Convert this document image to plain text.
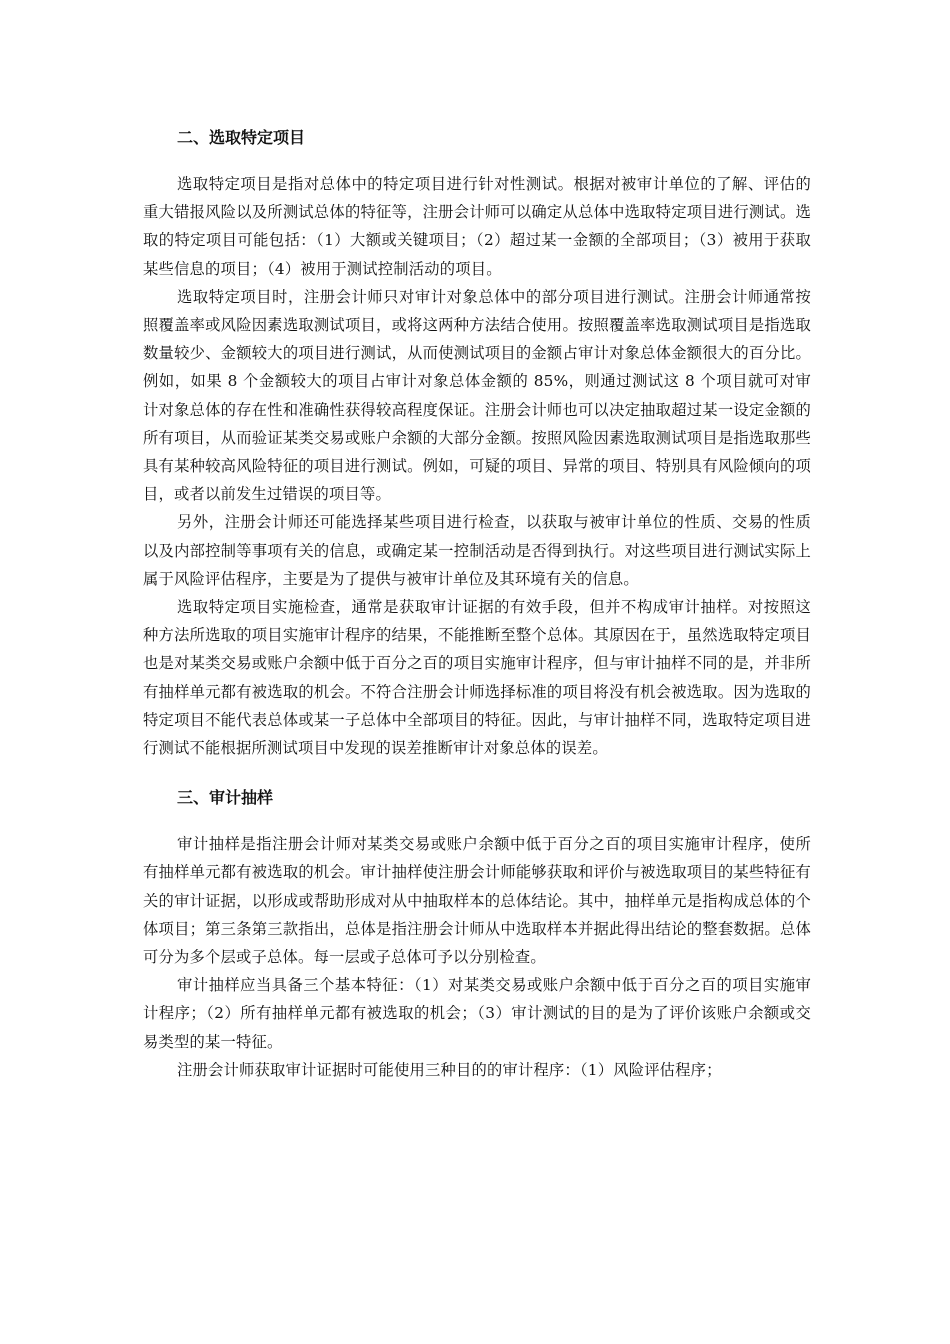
二、选取特定项目

选取特定项目是指对总体中的特定项目进行针对性测试。根据对被审计单位的了解、评估的重大错报风险以及所测试总体的特征等，注册会计师可以确定从总体中选取特定项目进行测试。选取的特定项目可能包括：（1）大额或关键项目；（2）超过某一金额的全部项目；（3）被用于获取某些信息的项目；（4）被用于测试控制活动的项目。

选取特定项目时，注册会计师只对审计对象总体中的部分项目进行测试。注册会计师通常按照覆盖率或风险因素选取测试项目，或将这两种方法结合使用。按照覆盖率选取测试项目是指选取数量较少、金额较大的项目进行测试，从而使测试项目的金额占审计对象总体金额很大的百分比。例如，如果 8 个金额较大的项目占审计对象总体金额的 85%，则通过测试这 8 个项目就可对审计对象总体的存在性和准确性获得较高程度保证。注册会计师也可以决定抽取超过某一设定金额的所有项目，从而验证某类交易或账户余额的大部分金额。按照风险因素选取测试项目是指选取那些具有某种较高风险特征的项目进行测试。例如，可疑的项目、异常的项目、特别具有风险倾向的项目，或者以前发生过错误的项目等。

另外，注册会计师还可能选择某些项目进行检查，以获取与被审计单位的性质、交易的性质以及内部控制等事项有关的信息，或确定某一控制活动是否得到执行。对这些项目进行测试实际上属于风险评估程序，主要是为了提供与被审计单位及其环境有关的信息。

选取特定项目实施检查，通常是获取审计证据的有效手段，但并不构成审计抽样。对按照这种方法所选取的项目实施审计程序的结果，不能推断至整个总体。其原因在于，虽然选取特定项目也是对某类交易或账户余额中低于百分之百的项目实施审计程序，但与审计抽样不同的是，并非所有抽样单元都有被选取的机会。不符合注册会计师选择标准的项目将没有机会被选取。因为选取的特定项目不能代表总体或某一子总体中全部项目的特征。因此，与审计抽样不同，选取特定项目进行测试不能根据所测试项目中发现的误差推断审计对象总体的误差。

三、审计抽样

审计抽样是指注册会计师对某类交易或账户余额中低于百分之百的项目实施审计程序，使所有抽样单元都有被选取的机会。审计抽样使注册会计师能够获取和评价与被选取项目的某些特征有关的审计证据，以形成或帮助形成对从中抽取样本的总体结论。其中，抽样单元是指构成总体的个体项目；第三条第三款指出，总体是指注册会计师从中选取样本并据此得出结论的整套数据。总体可分为多个层或子总体。每一层或子总体可予以分别检查。

审计抽样应当具备三个基本特征：（1）对某类交易或账户余额中低于百分之百的项目实施审计程序；（2）所有抽样单元都有被选取的机会；（3）审计测试的目的是为了评价该账户余额或交易类型的某一特征。

注册会计师获取审计证据时可能使用三种目的的审计程序：（1）风险评估程序；
